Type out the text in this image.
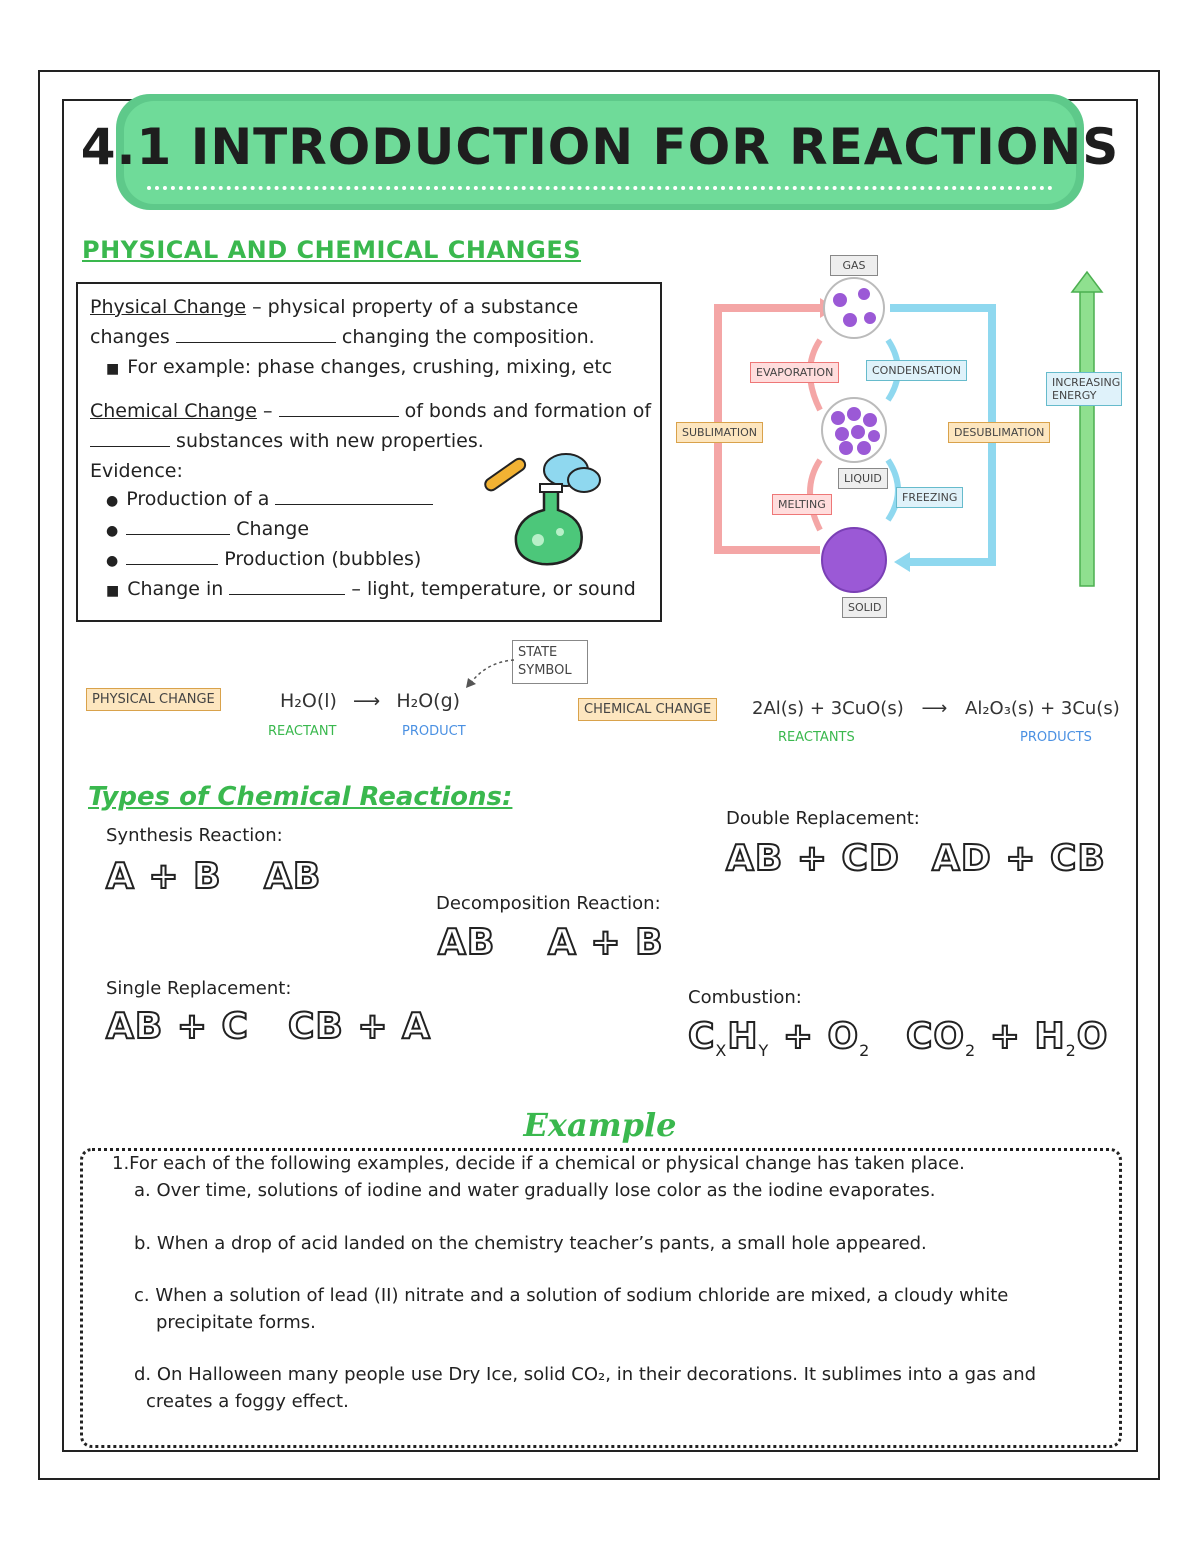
4.1 INTRODUCTION FOR REACTIONS
PHYSICAL AND CHEMICAL CHANGES
Physical Change – physical property of a substance
changes	changing the composition.
■ For example: phase changes, crushing, mixing, etc
Chemical Change –	of bonds and formation of
substances with new properties.
Evidence:
● Production of a
●	Change
●	Production (bubbles)
■ Change in	– light, temperature, or sound
GAS
EVAPORATION	CONDENSATION
SUBLIMATION	DESUBLIMATION
LIQUID
MELTING
FREEZING
SOLID
INCREASING ENERGY
STATE SYMBOL
PHYSICAL CHANGE	H₂O(l) ⟶ H₂O(g)
REACTANT	PRODUCT
CHEMICAL CHANGE	2Al(s) + 3CuO(s) ⟶ Al₂O₃(s) + 3Cu(s)
REACTANTS	PRODUCTS
Types of Chemical Reactions:
Synthesis Reaction:
A + B AB
Double Replacement:
AB + CD AD + CB
Decomposition Reaction:
AB A + B
Single Replacement:
AB + C CB + A
Combustion:
$C_XH_Y + O_2$ $CO_2 + H_2O$
Example
1.For each of the following examples, decide if a chemical or physical change has taken place.
a. Over time, solutions of iodine and water gradually lose color as the iodine evaporates.
b. When a drop of acid landed on the chemistry teacher’s pants, a small hole appeared.
c. When a solution of lead (II) nitrate and a solution of sodium chloride are mixed, a cloudy white
precipitate forms.
d. On Halloween many people use Dry Ice, solid CO₂, in their decorations. It sublimes into a gas and
creates a foggy effect.
